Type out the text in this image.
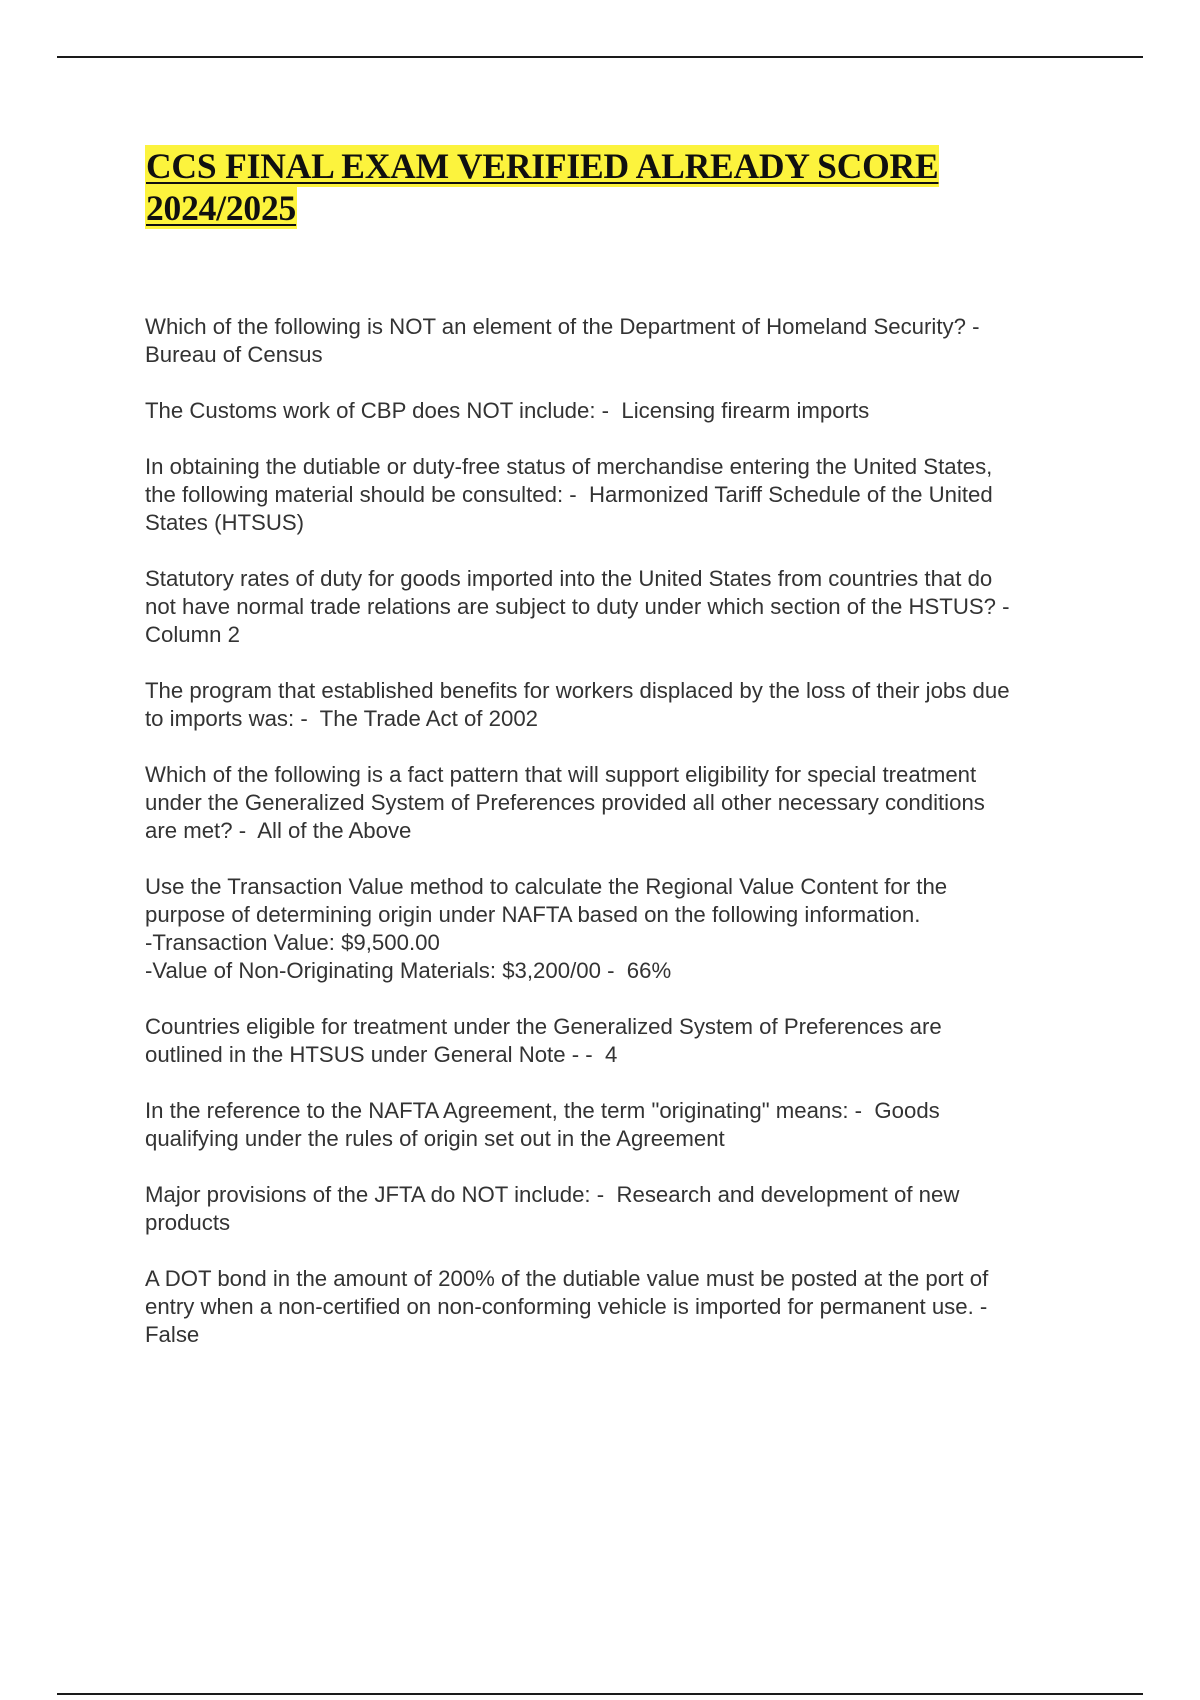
CCS FINAL EXAM VERIFIED ALREADY SCORE
2024/2025
Which of the following is NOT an element of the Department of Homeland Security? -
Bureau of Census
The Customs work of CBP does NOT include: -  Licensing firearm imports
In obtaining the dutiable or duty-free status of merchandise entering the United States,
the following material should be consulted: -  Harmonized Tariff Schedule of the United
States (HTSUS)
Statutory rates of duty for goods imported into the United States from countries that do
not have normal trade relations are subject to duty under which section of the HSTUS? -
Column 2
The program that established benefits for workers displaced by the loss of their jobs due
to imports was: -  The Trade Act of 2002
Which of the following is a fact pattern that will support eligibility for special treatment
under the Generalized System of Preferences provided all other necessary conditions
are met? -  All of the Above
Use the Transaction Value method to calculate the Regional Value Content for the
purpose of determining origin under NAFTA based on the following information.
-Transaction Value: $9,500.00
-Value of Non-Originating Materials: $3,200/00 -  66%
Countries eligible for treatment under the Generalized System of Preferences are
outlined in the HTSUS under General Note - -  4
In the reference to the NAFTA Agreement, the term "originating" means: -  Goods
qualifying under the rules of origin set out in the Agreement
Major provisions of the JFTA do NOT include: -  Research and development of new
products
A DOT bond in the amount of 200% of the dutiable value must be posted at the port of
entry when a non-certified on non-conforming vehicle is imported for permanent use. -
False
